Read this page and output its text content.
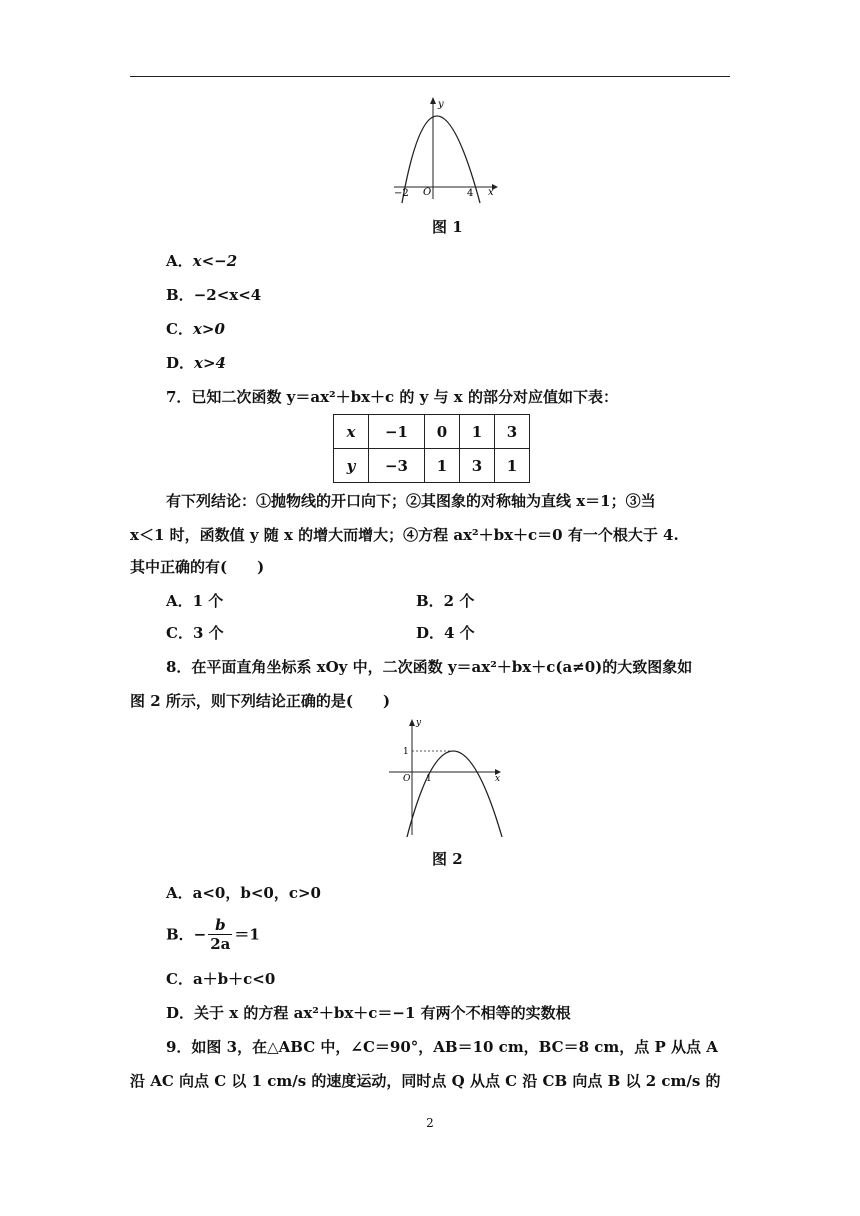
y
x
−2 O	4
图 1
A．x<−2
B．−2<x<4
C．x>0
D．x>4
7．已知二次函数 y＝ax²＋bx＋c 的 y 与 x 的部分对应值如下表：
x	−1	0	1	3
y	−3	1	3	1
有下列结论：①抛物线的开口向下；②其图象的对称轴为直线 x＝1；③当
x＜1 时，函数值 y 随 x 的增大而增大；④方程 ax²＋bx＋c＝0 有一个根大于 4.
其中正确的有(　　)
A．1 个	B．2 个
C．3 个	D．4 个
8．在平面直角坐标系 xOy 中，二次函数 y＝ax²＋bx＋c(a≠0)的大致图象如
图 2 所示，则下列结论正确的是(　　)
y
x
1
O 1
图 2
A．a<0，b<0，c>0
B．− $\frac{b}{2a} =1$
C．a＋b＋c<0
D．关于 x 的方程 ax²＋bx＋c＝−1 有两个不相等的实数根
9．如图 3，在△ABC 中，∠C＝90°，AB＝10 cm，BC＝8 cm，点 P 从点 A
沿 AC 向点 C 以 1 cm/s 的速度运动，同时点 Q 从点 C 沿 CB 向点 B 以 2 cm/s 的
2
